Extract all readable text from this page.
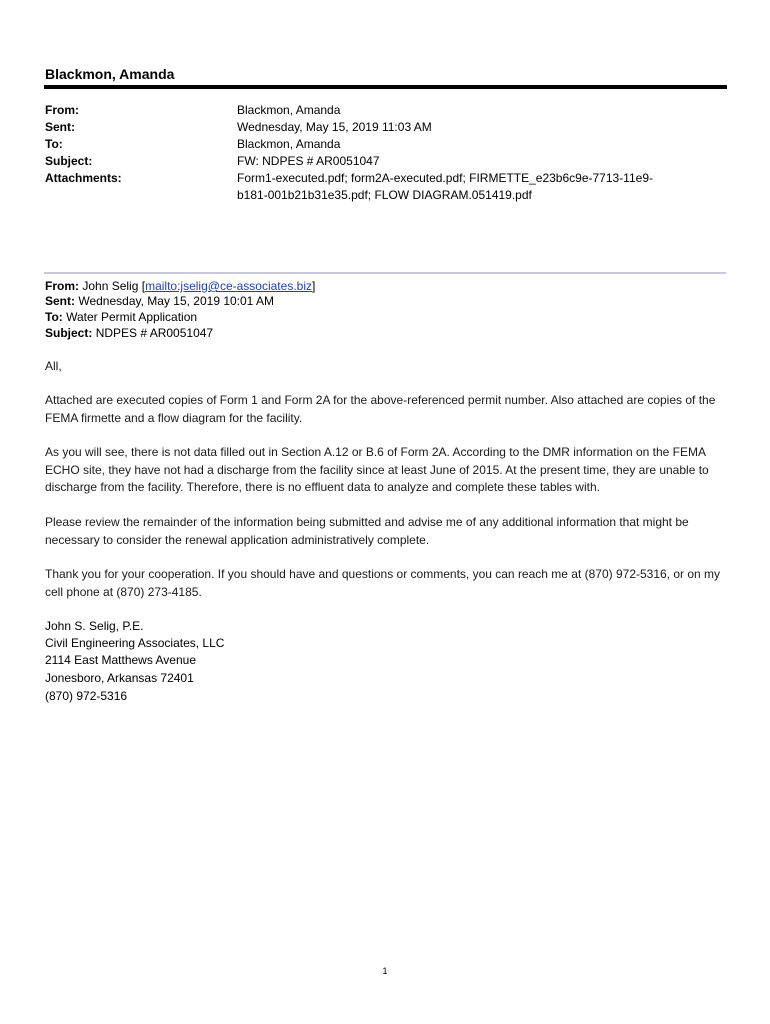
Blackmon, Amanda
From:	Blackmon, Amanda
Sent:	Wednesday, May 15, 2019 11:03 AM
To:	Blackmon, Amanda
Subject:	FW: NDPES # AR0051047
Attachments:	Form1-executed.pdf; form2A-executed.pdf; FIRMETTE_e23b6c9e-7713-11e9-
b181-001b21b31e35.pdf; FLOW DIAGRAM.051419.pdf
From: John Selig [mailto:jselig@ce-associates.biz]
Sent: Wednesday, May 15, 2019 10:01 AM
To: Water Permit Application
Subject: NDPES # AR0051047
All,
Attached are executed copies of Form 1 and Form 2A for the above-referenced permit number. Also attached are copies of the FEMA firmette and a flow diagram for the facility.
As you will see, there is not data filled out in Section A.12 or B.6 of Form 2A. According to the DMR information on the FEMA ECHO site, they have not had a discharge from the facility since at least June of 2015. At the present time, they are unable to discharge from the facility. Therefore, there is no effluent data to analyze and complete these tables with.
Please review the remainder of the information being submitted and advise me of any additional information that might be necessary to consider the renewal application administratively complete.
Thank you for your cooperation. If you should have and questions or comments, you can reach me at (870) 972-5316, or on my cell phone at (870) 273-4185.
John S. Selig, P.E.
Civil Engineering Associates, LLC
2114 East Matthews Avenue
Jonesboro, Arkansas 72401
(870) 972-5316
1
